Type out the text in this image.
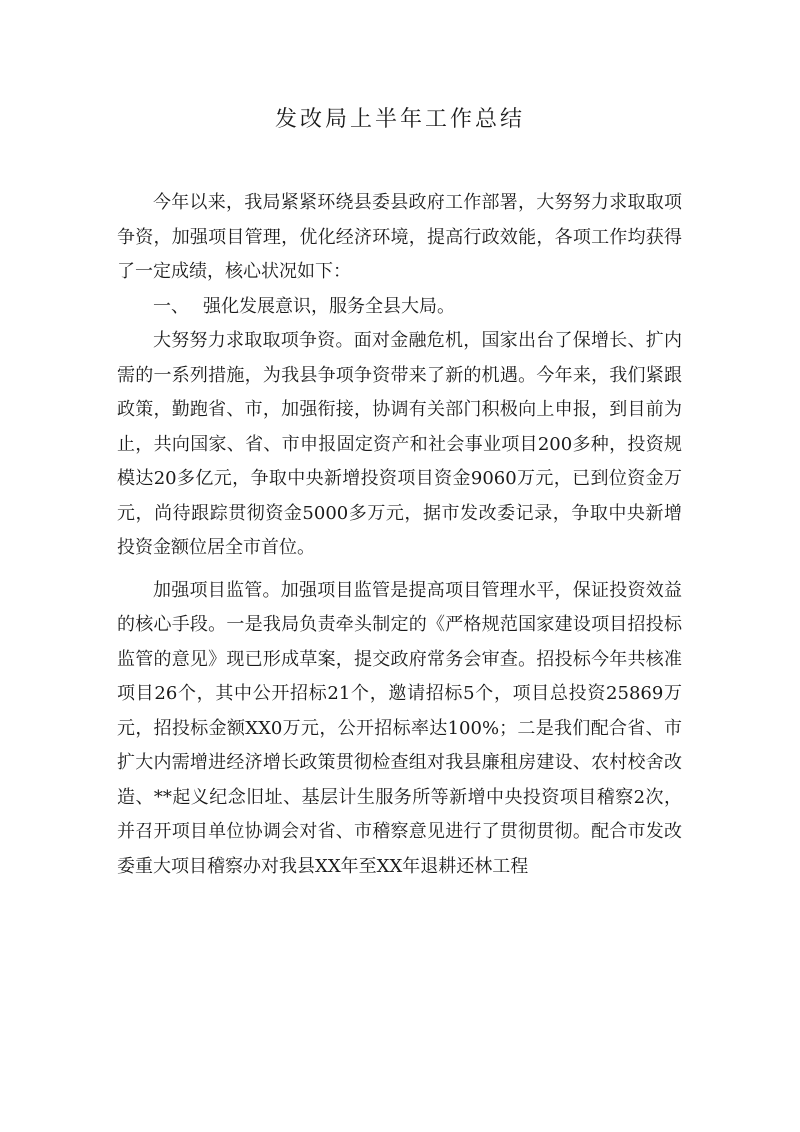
发改局上半年工作总结

今年以来，我局紧紧环绕县委县政府工作部署，大努努力求取取项争资，加强项目管理，优化经济环境，提高行政效能，各项工作均获得了一定成绩，核心状况如下：

一、 强化发展意识，服务全县大局。

大努努力求取取项争资。面对金融危机，国家出台了保增长、扩内需的一系列措施，为我县争项争资带来了新的机遇。今年来，我们紧跟政策，勤跑省、市，加强衔接，协调有关部门积极向上申报，到目前为止，共向国家、省、市申报固定资产和社会事业项目200多种，投资规模达20多亿元，争取中央新增投资项目资金9060万元，已到位资金万元，尚待跟踪贯彻资金5000多万元，据市发改委记录，争取中央新增投资金额位居全市首位。

加强项目监管。加强项目监管是提高项目管理水平，保证投资效益的核心手段。一是我局负责牵头制定的《严格规范国家建设项目招投标监管的意见》现已形成草案，提交政府常务会审查。招投标今年共核准项目26个，其中公开招标21个，邀请招标5个，项目总投资25869万元，招投标金额XX0万元，公开招标率达100%；二是我们配合省、市扩大内需增进经济增长政策贯彻检查组对我县廉租房建设、农村校舍改造、**起义纪念旧址、基层计生服务所等新增中央投资项目稽察2次，并召开项目单位协调会对省、市稽察意见进行了贯彻贯彻。配合市发改委重大项目稽察办对我县XX年至XX年退耕还林工程
